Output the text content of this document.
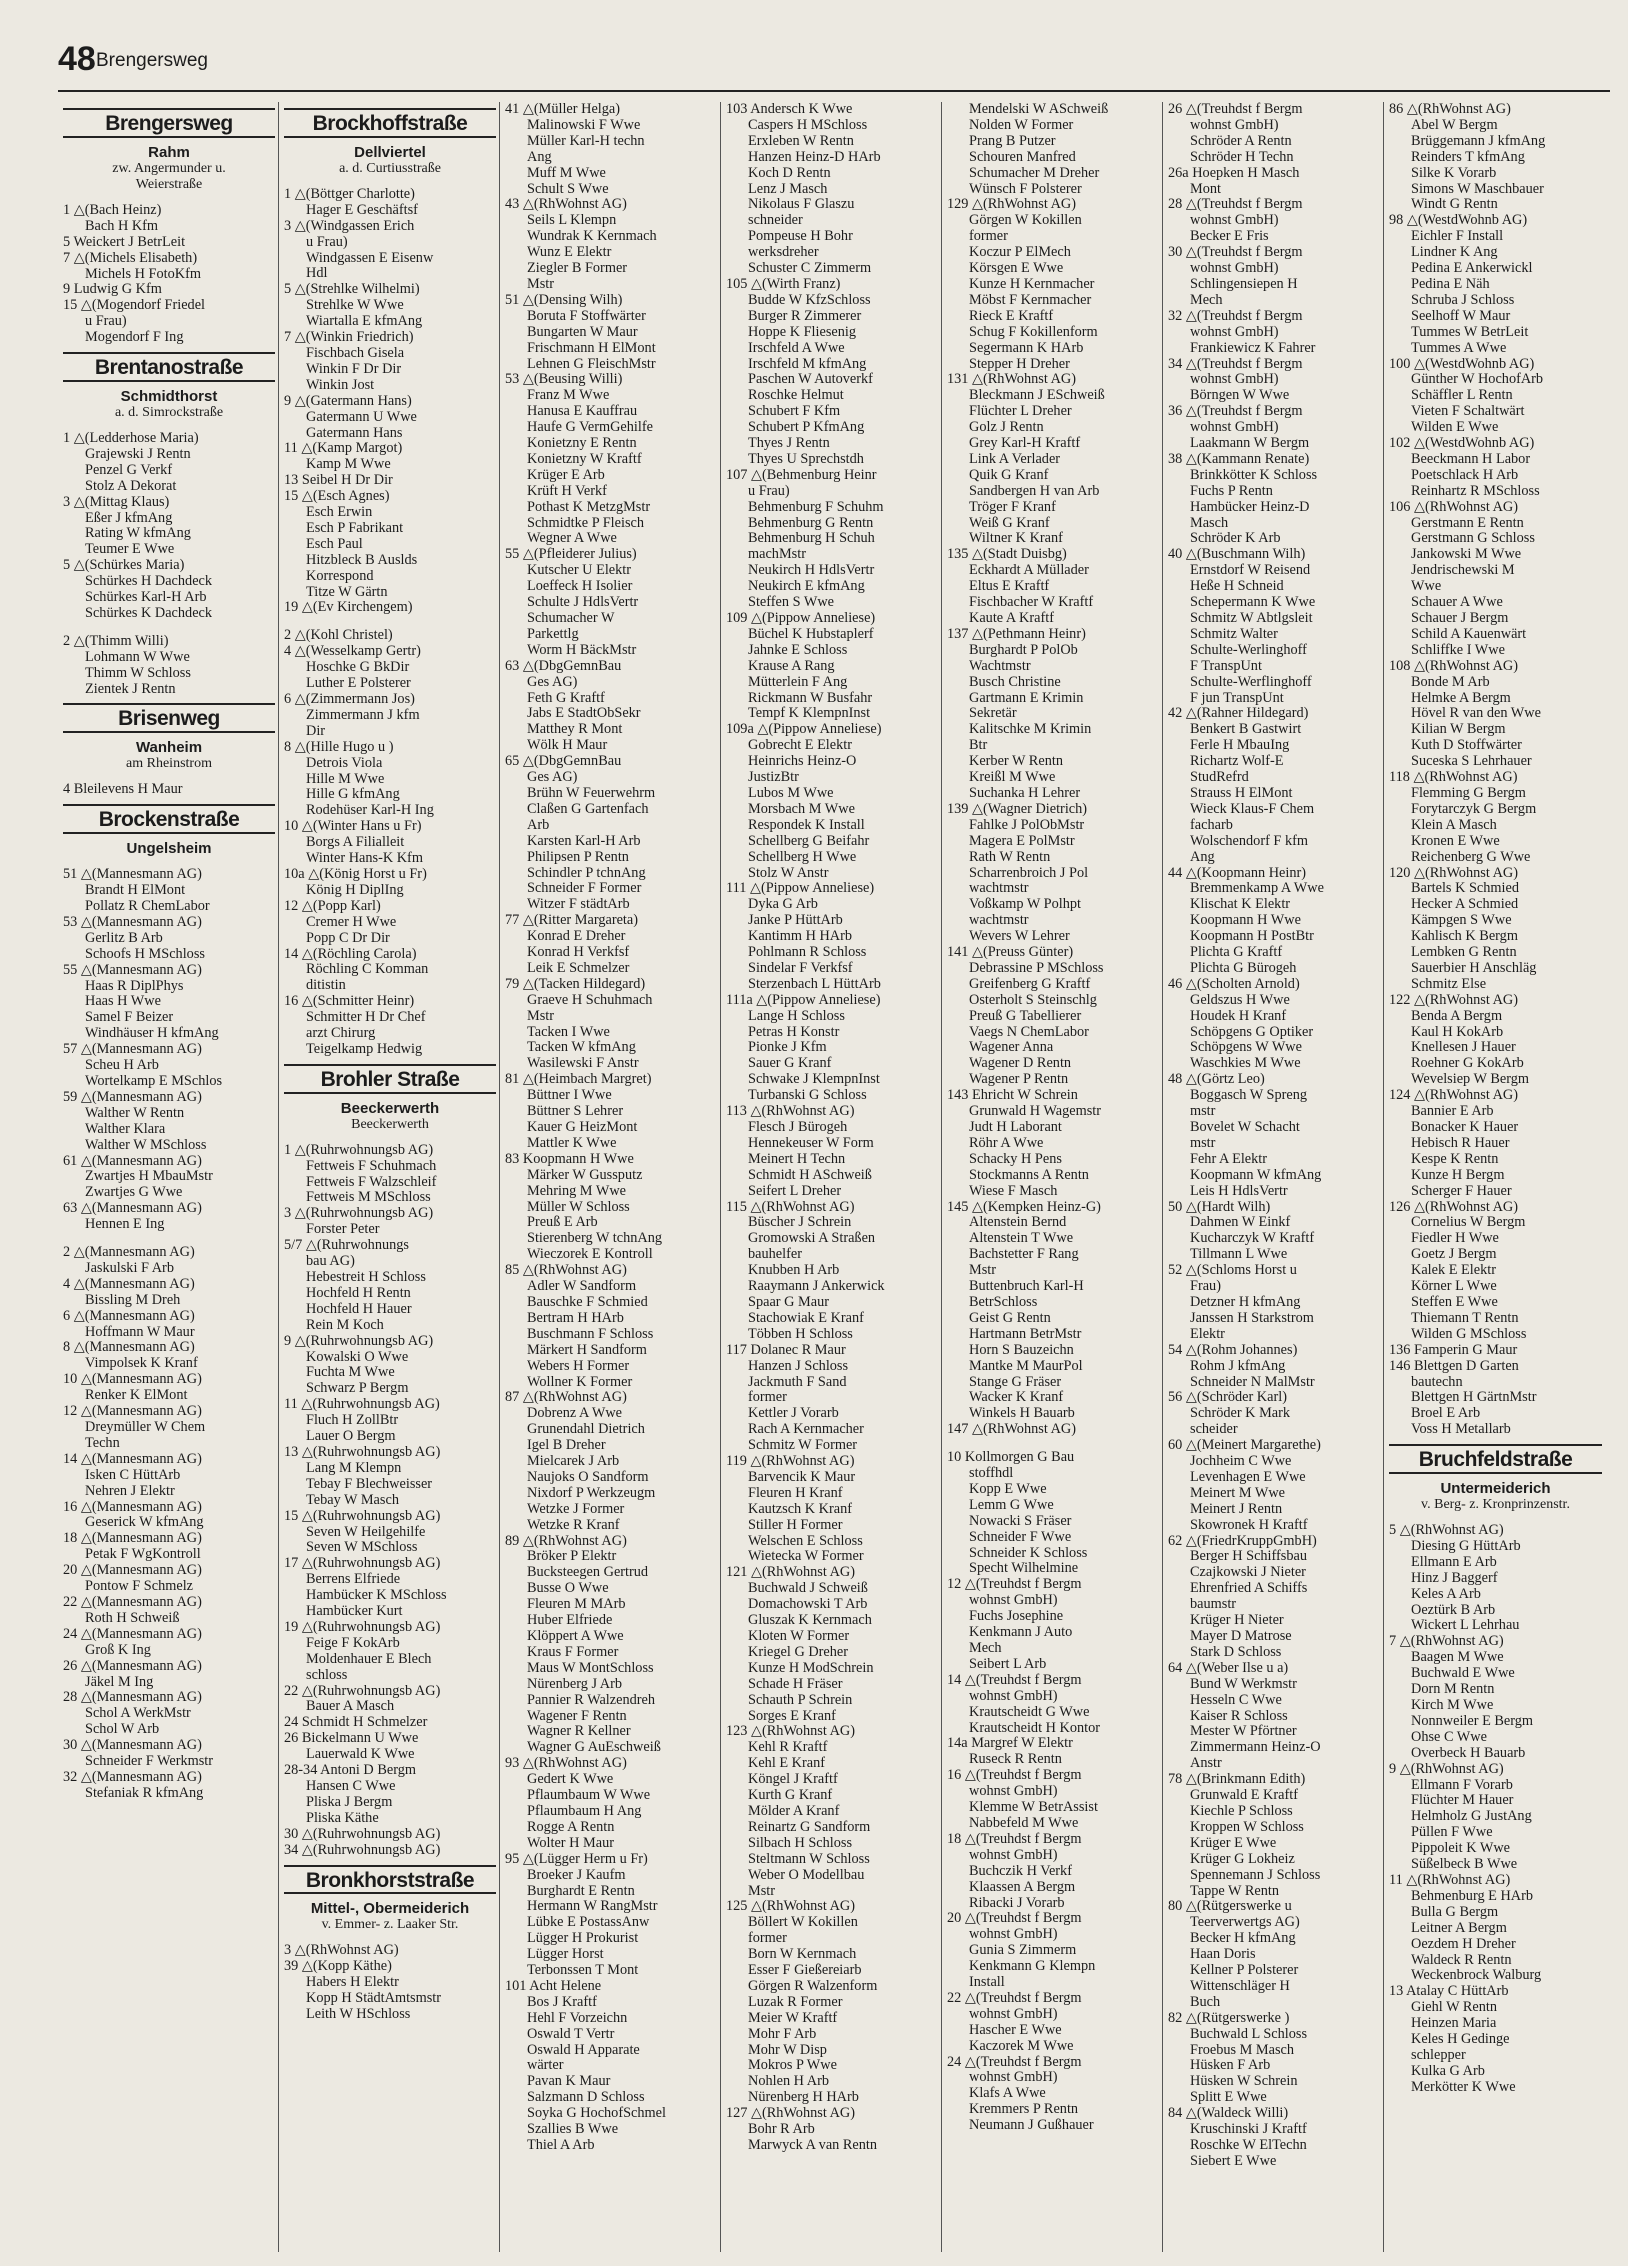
48 Brengersweg
Brengersweg
Rahm
zw. Angermunder u.
Weierstraße
1 △(Bach Heinz)
Bach H Kfm
5 Weickert J BetrLeit
7 △(Michels Elisabeth)
Michels H FotoKfm
9 Ludwig G Kfm
15 △(Mogendorf Friedel
u Frau)
Mogendorf F Ing
Brentanostraße
Schmidthorst
a. d. Simrockstraße
1 △(Ledderhose Maria)
Grajewski J Rentn
Penzel G Verkf
Stolz A Dekorat
3 △(Mittag Klaus)
Eßer J kfmAng
Rating W kfmAng
Teumer E Wwe
5 △(Schürkes Maria)
Schürkes H Dachdeck
Schürkes Karl-H Arb
Schürkes K Dachdeck
2 △(Thimm Willi)
Lohmann W Wwe
Thimm W Schloss
Zientek J Rentn
Brisenweg
Wanheim
am Rheinstrom
4 Bleilevens H Maur
Brockenstraße
Ungelsheim
51 △(Mannesmann AG)
Brandt H ElMont
Pollatz R ChemLabor
53 △(Mannesmann AG)
Gerlitz B Arb
Schoofs H MSchloss
55 △(Mannesmann AG)
Haas R DiplPhys
Haas H Wwe
Samel F Beizer
Windhäuser H kfmAng
57 △(Mannesmann AG)
Scheu H Arb
Wortelkamp E MSchlos
59 △(Mannesmann AG)
Walther W Rentn
Walther Klara
Walther W MSchloss
61 △(Mannesmann AG)
Zwartjes H MbauMstr
Zwartjes G Wwe
63 △(Mannesmann AG)
Hennen E Ing
2 △(Mannesmann AG)
Jaskulski F Arb
4 △(Mannesmann AG)
Bissling M Dreh
6 △(Mannesmann AG)
Hoffmann W Maur
8 △(Mannesmann AG)
Vimpolsek K Kranf
10 △(Mannesmann AG)
Renker K ElMont
12 △(Mannesmann AG)
Dreymüller W Chem
Techn
14 △(Mannesmann AG)
Isken C HüttArb
Nehren J Elektr
16 △(Mannesmann AG)
Geserick W kfmAng
18 △(Mannesmann AG)
Petak F WgKontroll
20 △(Mannesmann AG)
Pontow F Schmelz
22 △(Mannesmann AG)
Roth H Schweiß
24 △(Mannesmann AG)
Groß K Ing
26 △(Mannesmann AG)
Jäkel M Ing
28 △(Mannesmann AG)
Schol A WerkMstr
Schol W Arb
30 △(Mannesmann AG)
Schneider F Werkmstr
32 △(Mannesmann AG)
Stefaniak R kfmAng
Brockhoffstraße
Dellviertel
a. d. Curtiusstraße
1 △(Böttger Charlotte)
Hager E Geschäftsf
3 △(Windgassen Erich
u Frau)
Windgassen E Eisenw
Hdl
5 △(Strehlke Wilhelmi)
Strehlke W Wwe
Wiartalla E kfmAng
7 △(Winkin Friedrich)
Fischbach Gisela
Winkin F Dr Dir
Winkin Jost
9 △(Gatermann Hans)
Gatermann U Wwe
Gatermann Hans
11 △(Kamp Margot)
Kamp M Wwe
13 Seibel H Dr Dir
15 △(Esch Agnes)
Esch Erwin
Esch P Fabrikant
Esch Paul
Hitzbleck B Auslds
Korrespond
Titze W Gärtn
19 △(Ev Kirchengem)
2 △(Kohl Christel)
4 △(Wesselkamp Gertr)
Hoschke G BkDir
Luther E Polsterer
6 △(Zimmermann Jos)
Zimmermann J kfm
Dir
8 △(Hille Hugo u )
Detrois Viola
Hille M Wwe
Hille G kfmAng
Rodehüser Karl-H Ing
10 △(Winter Hans u Fr)
Borgs A Filialleit
Winter Hans-K Kfm
10a △(König Horst u Fr)
König H DiplIng
12 △(Popp Karl)
Cremer H Wwe
Popp C Dr Dir
14 △(Röchling Carola)
Röchling C Komman
ditistin
16 △(Schmitter Heinr)
Schmitter H Dr Chef
arzt Chirurg
Teigelkamp Hedwig
Brohler Straße
Beeckerwerth
Beeckerwerth
1 △(Ruhrwohnungsb AG)
Fettweis F Schuhmach
Fettweis F Walzschleif
Fettweis M MSchloss
3 △(Ruhrwohnungsb AG)
Forster Peter
5/7 △(Ruhrwohnungs
bau AG)
Hebestreit H Schloss
Hochfeld H Rentn
Hochfeld H Hauer
Rein M Koch
9 △(Ruhrwohnungsb AG)
Kowalski O Wwe
Fuchta M Wwe
Schwarz P Bergm
11 △(Ruhrwohnungsb AG)
Fluch H ZollBtr
Lauer O Bergm
13 △(Ruhrwohnungsb AG)
Lang M Klempn
Tebay F Blechweisser
Tebay W Masch
15 △(Ruhrwohnungsb AG)
Seven W Heilgehilfe
Seven W MSchloss
17 △(Ruhrwohnungsb AG)
Berrens Elfriede
Hambücker K MSchloss
Hambücker Kurt
19 △(Ruhrwohnungsb AG)
Feige F KokArb
Moldenhauer E Blech
schloss
22 △(Ruhrwohnungsb AG)
Bauer A Masch
24 Schmidt H Schmelzer
26 Bickelmann U Wwe
Lauerwald K Wwe
28-34 Antoni D Bergm
Hansen C Wwe
Pliska J Bergm
Pliska Käthe
30 △(Ruhrwohnungsb AG)
34 △(Ruhrwohnungsb AG)
Bronkhorststraße
Mittel-, Obermeiderich
v. Emmer- z. Laaker Str.
3 △(RhWohnst AG)
39 △(Kopp Käthe)
Habers H Elektr
Kopp H StädtAmtsmstr
Leith W HSchloss
41 △(Müller Helga)
Malinowski F Wwe
Müller Karl-H techn
Ang
Muff M Wwe
Schult S Wwe
43 △(RhWohnst AG)
Seils L Klempn
Wundrak K Kernmach
Wunz E Elektr
Ziegler B Former
Mstr
51 △(Densing Wilh)
Boruta F Stoffwärter
Bungarten W Maur
Frischmann H ElMont
Lehnen G FleischMstr
53 △(Beusing Willi)
Franz M Wwe
Hanusa E Kauffrau
Haufe G VermGehilfe
Konietzny E Rentn
Konietzny W Kraftf
Krüger E Arb
Krüft H Verkf
Pothast K MetzgMstr
Schmidtke P Fleisch
Wegner A Wwe
55 △(Pfleiderer Julius)
Kutscher U Elektr
Loeffeck H Isolier
Schulte J HdlsVertr
Schumacher W
Parkettlg
Worm H BäckMstr
63 △(DbgGemnBau
Ges AG)
Feth G Kraftf
Jabs E StadtObSekr
Matthey R Mont
Wölk H Maur
65 △(DbgGemnBau
Ges AG)
Brühn W Feuerwehrm
Claßen G Gartenfach
Arb
Karsten Karl-H Arb
Philipsen P Rentn
Schindler P tchnAng
Schneider F Former
Witzer F städtArb
77 △(Ritter Margareta)
Konrad E Dreher
Konrad H Verkfsf
Leik E Schmelzer
79 △(Tacken Hildegard)
Graeve H Schuhmach
Mstr
Tacken I Wwe
Tacken W kfmAng
Wasilewski F Anstr
81 △(Heimbach Margret)
Büttner I Wwe
Büttner S Lehrer
Kauer G HeizMont
Mattler K Wwe
83 Koopmann H Wwe
Märker W Gussputz
Mehring M Wwe
Müller W Schloss
Preuß E Arb
Stierenberg W tchnAng
Wieczorek E Kontroll
85 △(RhWohnst AG)
Adler W Sandform
Bauschke F Schmied
Bertram H HArb
Buschmann F Schloss
Märkert H Sandform
Webers H Former
Wollner K Former
87 △(RhWohnst AG)
Dobrenz A Wwe
Grunendahl Dietrich
Igel B Dreher
Mielcarek J Arb
Naujoks O Sandform
Nixdorf P Werkzeugm
Wetzke J Former
Wetzke R Kranf
89 △(RhWohnst AG)
Bröker P Elektr
Bucksteegen Gertrud
Busse O Wwe
Fleuren M MArb
Huber Elfriede
Klöppert A Wwe
Kraus F Former
Maus W MontSchloss
Nürenberg J Arb
Pannier R Walzendreh
Wagener F Rentn
Wagner R Kellner
Wagner G AuEschweiß
93 △(RhWohnst AG)
Gedert K Wwe
Pflaumbaum W Wwe
Pflaumbaum H Ang
Rogge A Rentn
Wolter H Maur
95 △(Lügger Herm u Fr)
Broeker J Kaufm
Burghardt E Rentn
Hermann W RangMstr
Lübke E PostassAnw
Lügger H Prokurist
Lügger Horst
Terbonssen T Mont
101 Acht Helene
Bos J Kraftf
Hehl F Vorzeichn
Oswald T Vertr
Oswald H Apparate
wärter
Pavan K Maur
Salzmann D Schloss
Soyka G HochofSchmel
Szallies B Wwe
Thiel A Arb
103 Andersch K Wwe
Caspers H MSchloss
Erxleben W Rentn
Hanzen Heinz-D HArb
Koch D Rentn
Lenz J Masch
Nikolaus F Glaszu
schneider
Pompeuse H Bohr
werksdreher
Schuster C Zimmerm
105 △(Wirth Franz)
Budde W KfzSchloss
Burger R Zimmerer
Hoppe K Fliesenig
Irschfeld A Wwe
Irschfeld M kfmAng
Paschen W Autoverkf
Roschke Helmut
Schubert F Kfm
Schubert P KfmAng
Thyes J Rentn
Thyes U Sprechstdh
107 △(Behmenburg Heinr
u Frau)
Behmenburg F Schuhm
Behmenburg G Rentn
Behmenburg H Schuh
machMstr
Neukirch H HdlsVertr
Neukirch E kfmAng
Steffen S Wwe
109 △(Pippow Anneliese)
Büchel K Hubstaplerf
Jahnke E Schloss
Krause A Rang
Mütterlein F Ang
Rickmann W Busfahr
Tempf K KlempnInst
109a △(Pippow Anneliese)
Gobrecht E Elektr
Heinrichs Heinz-O
JustizBtr
Lubos M Wwe
Morsbach M Wwe
Respondek K Install
Schellberg G Beifahr
Schellberg H Wwe
Stolz W Anstr
111 △(Pippow Anneliese)
Dyka G Arb
Janke P HüttArb
Kantimm H HArb
Pohlmann R Schloss
Sindelar F Verkfsf
Sterzenbach L HüttArb
111a △(Pippow Anneliese)
Lange H Schloss
Petras H Konstr
Pionke J Kfm
Sauer G Kranf
Schwake J KlempnInst
Turbanski G Schloss
113 △(RhWohnst AG)
Flesch J Bürogeh
Hennekeuser W Form
Meinert H Techn
Schmidt H ASchweiß
Seifert L Dreher
115 △(RhWohnst AG)
Büscher J Schrein
Gromowski A Straßen
bauhelfer
Knubben H Arb
Raaymann J Ankerwick
Spaar G Maur
Stachowiak E Kranf
Többen H Schloss
117 Dolanec R Maur
Hanzen J Schloss
Jackmuth F Sand
former
Kettler J Vorarb
Rach A Kernmacher
Schmitz W Former
119 △(RhWohnst AG)
Barvencik K Maur
Fleuren H Kranf
Kautzsch K Kranf
Stiller H Former
Welschen E Schloss
Wietecka W Former
121 △(RhWohnst AG)
Buchwald J Schweiß
Domachowski T Arb
Gluszak K Kernmach
Kloten W Former
Kriegel G Dreher
Kunze H ModSchrein
Schade H Fräser
Schauth P Schrein
Sorges E Kranf
123 △(RhWohnst AG)
Kehl R Kraftf
Kehl E Kranf
Köngel J Kraftf
Kurth G Kranf
Mölder A Kranf
Reinartz G Sandform
Silbach H Schloss
Steltmann W Schloss
Weber O Modellbau
Mstr
125 △(RhWohnst AG)
Böllert W Kokillen
former
Born W Kernmach
Esser F Gießereiarb
Görgen R Walzenform
Luzak R Former
Meier W Kraftf
Mohr F Arb
Mohr W Disp
Mokros P Wwe
Nohlen H Arb
Nürenberg H HArb
127 △(RhWohnst AG)
Bohr R Arb
Marwyck A van Rentn
Mendelski W ASchweiß
Nolden W Former
Prang B Putzer
Schouren Manfred
Schumacher M Dreher
Wünsch F Polsterer
129 △(RhWohnst AG)
Görgen W Kokillen
former
Koczur P ElMech
Körsgen E Wwe
Kunze H Kernmacher
Möbst F Kernmacher
Rieck E Kraftf
Schug F Kokillenform
Segermann K HArb
Stepper H Dreher
131 △(RhWohnst AG)
Bleckmann J ESchweiß
Flüchter L Dreher
Golz J Rentn
Grey Karl-H Kraftf
Link A Verlader
Quik G Kranf
Sandbergen H van Arb
Tröger F Kranf
Weiß G Kranf
Wiltner K Kranf
135 △(Stadt Duisbg)
Eckhardt A Müllader
Eltus E Kraftf
Fischbacher W Kraftf
Kaute A Kraftf
137 △(Pethmann Heinr)
Burghardt P PolOb
Wachtmstr
Busch Christine
Gartmann E Krimin
Sekretär
Kalitschke M Krimin
Btr
Kerber W Rentn
Kreißl M Wwe
Suchanka H Lehrer
139 △(Wagner Dietrich)
Fahlke J PolObMstr
Magera E PolMstr
Rath W Rentn
Scharrenbroich J Pol
wachtmstr
Voßkamp W Polhpt
wachtmstr
Wevers W Lehrer
141 △(Preuss Günter)
Debrassine P MSchloss
Greifenberg G Kraftf
Osterholt S Steinschlg
Preuß G Tabellierer
Vaegs N ChemLabor
Wagener Anna
Wagener D Rentn
Wagener P Rentn
143 Ehricht W Schrein
Grunwald H Wagemstr
Judt H Laborant
Röhr A Wwe
Schacky H Pens
Stockmanns A Rentn
Wiese F Masch
145 △(Kempken Heinz-G)
Altenstein Bernd
Altenstein T Wwe
Bachstetter F Rang
Mstr
Buttenbruch Karl-H
BetrSchloss
Geist G Rentn
Hartmann BetrMstr
Horn S Bauzeichn
Mantke M MaurPol
Stange G Fräser
Wacker K Kranf
Winkels H Bauarb
147 △(RhWohnst AG)
10 Kollmorgen G Bau
stoffhdl
Kopp E Wwe
Lemm G Wwe
Nowacki S Fräser
Schneider F Wwe
Schneider K Schloss
Specht Wilhelmine
12 △(Treuhdst f Bergm
wohnst GmbH)
Fuchs Josephine
Kenkmann J Auto
Mech
Seibert L Arb
14 △(Treuhdst f Bergm
wohnst GmbH)
Krautscheidt G Wwe
Krautscheidt H Kontor
14a Margref W Elektr
Ruseck R Rentn
16 △(Treuhdst f Bergm
wohnst GmbH)
Klemme W BetrAssist
Nabbefeld M Wwe
18 △(Treuhdst f Bergm
wohnst GmbH)
Buchczik H Verkf
Klaassen A Bergm
Ribacki J Vorarb
20 △(Treuhdst f Bergm
wohnst GmbH)
Gunia S Zimmerm
Kenkmann G Klempn
Install
22 △(Treuhdst f Bergm
wohnst GmbH)
Hascher E Wwe
Kaczorek M Wwe
24 △(Treuhdst f Bergm
wohnst GmbH)
Klafs A Wwe
Kremmers P Rentn
Neumann J Gußhauer
26 △(Treuhdst f Bergm
wohnst GmbH)
Schröder A Rentn
Schröder H Techn
26a Hoepken H Masch
Mont
28 △(Treuhdst f Bergm
wohnst GmbH)
Becker E Fris
30 △(Treuhdst f Bergm
wohnst GmbH)
Schlingensiepen H
Mech
32 △(Treuhdst f Bergm
wohnst GmbH)
Frankiewicz K Fahrer
34 △(Treuhdst f Bergm
wohnst GmbH)
Börngen W Wwe
36 △(Treuhdst f Bergm
wohnst GmbH)
Laakmann W Bergm
38 △(Kammann Renate)
Brinkkötter K Schloss
Fuchs P Rentn
Hambücker Heinz-D
Masch
Schröder K Arb
40 △(Buschmann Wilh)
Ernstdorf W Reisend
Heße H Schneid
Schepermann K Wwe
Schmitz W Abtlgsleit
Schmitz Walter
Schulte-Werlinghoff
F TranspUnt
Schulte-Werflinghoff
F jun TranspUnt
42 △(Rahner Hildegard)
Benkert B Gastwirt
Ferle H MbauIng
Richartz Wolf-E
StudRefrd
Strauss H ElMont
Wieck Klaus-F Chem
facharb
Wolschendorf F kfm
Ang
44 △(Koopmann Heinr)
Bremmenkamp A Wwe
Klischat K Elektr
Koopmann H Wwe
Koopmann H PostBtr
Plichta G Kraftf
Plichta G Bürogeh
46 △(Scholten Arnold)
Geldszus H Wwe
Houdek H Kranf
Schöpgens G Optiker
Schöpgens W Wwe
Waschkies M Wwe
48 △(Görtz Leo)
Boggasch W Spreng
mstr
Bovelet W Schacht
mstr
Fehr A Elektr
Koopmann W kfmAng
Leis H HdlsVertr
50 △(Hardt Wilh)
Dahmen W Einkf
Kucharczyk W Kraftf
Tillmann L Wwe
52 △(Schloms Horst u
Frau)
Detzner H kfmAng
Janssen H Starkstrom
Elektr
54 △(Rohm Johannes)
Rohm J kfmAng
Schneider N MalMstr
56 △(Schröder Karl)
Schröder K Mark
scheider
60 △(Meinert Margarethe)
Jochheim C Wwe
Levenhagen E Wwe
Meinert M Wwe
Meinert J Rentn
Skowronek H Kraftf
62 △(FriedrKruppGmbH)
Berger H Schiffsbau
Czajkowski J Nieter
Ehrenfried A Schiffs
baumstr
Krüger H Nieter
Mayer D Matrose
Stark D Schloss
64 △(Weber Ilse u a)
Bund W Werkmstr
Hesseln C Wwe
Kaiser R Schloss
Mester W Pförtner
Zimmermann Heinz-O
Anstr
78 △(Brinkmann Edith)
Grunwald E Kraftf
Kiechle P Schloss
Kroppen W Schloss
Krüger E Wwe
Krüger G Lokheiz
Spennemann J Schloss
Tappe W Rentn
80 △(Rütgerswerke u
Teerverwertgs AG)
Becker H kfmAng
Haan Doris
Kellner P Polsterer
Wittenschläger H
Buch
82 △(Rütgerswerke )
Buchwald L Schloss
Froebus M Masch
Hüsken F Arb
Hüsken W Schrein
Splitt E Wwe
84 △(Waldeck Willi)
Kruschinski J Kraftf
Roschke W ElTechn
Siebert E Wwe
86 △(RhWohnst AG)
Abel W Bergm
Brüggemann J kfmAng
Reinders T kfmAng
Silke K Vorarb
Simons W Maschbauer
Windt G Rentn
98 △(WestdWohnb AG)
Eichler F Install
Lindner K Ang
Pedina E Ankerwickl
Pedina E Näh
Schruba J Schloss
Seelhoff W Maur
Tummes W BetrLeit
Tummes A Wwe
100 △(WestdWohnb AG)
Günther W HochofArb
Schäffler L Rentn
Vieten F Schaltwärt
Wilden E Wwe
102 △(WestdWohnb AG)
Beeckmann H Labor
Poetschlack H Arb
Reinhartz R MSchloss
106 △(RhWohnst AG)
Gerstmann E Rentn
Gerstmann G Schloss
Jankowski M Wwe
Jendrischewski M
Wwe
Schauer A Wwe
Schauer J Bergm
Schild A Kauenwärt
Schliffke I Wwe
108 △(RhWohnst AG)
Bonde M Arb
Helmke A Bergm
Hövel R van den Wwe
Kilian W Bergm
Kuth D Stoffwärter
Suceska S Lehrhauer
118 △(RhWohnst AG)
Flemming G Bergm
Forytarczyk G Bergm
Klein A Masch
Kronen E Wwe
Reichenberg G Wwe
120 △(RhWohnst AG)
Bartels K Schmied
Hecker A Schmied
Kämpgen S Wwe
Kahlisch K Bergm
Lembken G Rentn
Sauerbier H Anschläg
Schmitz Else
122 △(RhWohnst AG)
Benda A Bergm
Kaul H KokArb
Knellesen J Hauer
Roehner G KokArb
Wevelsiep W Bergm
124 △(RhWohnst AG)
Bannier E Arb
Bonacker K Hauer
Hebisch R Hauer
Kespe K Rentn
Kunze H Bergm
Scherger F Hauer
126 △(RhWohnst AG)
Cornelius W Bergm
Fiedler H Wwe
Goetz J Bergm
Kalek E Elektr
Körner L Wwe
Steffen E Wwe
Thiemann T Rentn
Wilden G MSchloss
136 Famperin G Maur
146 Blettgen D Garten
bautechn
Blettgen H GärtnMstr
Broel E Arb
Voss H Metallarb
Bruchfeldstraße
Untermeiderich
v. Berg- z. Kronprinzenstr.
5 △(RhWohnst AG)
Diesing G HüttArb
Ellmann E Arb
Hinz J Baggerf
Keles A Arb
Oeztürk B Arb
Wickert L Lehrhau
7 △(RhWohnst AG)
Baagen M Wwe
Buchwald E Wwe
Dorn M Rentn
Kirch M Wwe
Nonnweiler E Bergm
Ohse C Wwe
Overbeck H Bauarb
9 △(RhWohnst AG)
Ellmann F Vorarb
Flüchter M Hauer
Helmholz G JustAng
Püllen F Wwe
Pippoleit K Wwe
Süßelbeck B Wwe
11 △(RhWohnst AG)
Behmenburg E HArb
Bulla G Bergm
Leitner A Bergm
Oezdem H Dreher
Waldeck R Rentn
Weckenbrock Walburg
13 Atalay C HüttArb
Giehl W Rentn
Heinzen Maria
Keles H Gedinge
schlepper
Kulka G Arb
Merkötter K Wwe
